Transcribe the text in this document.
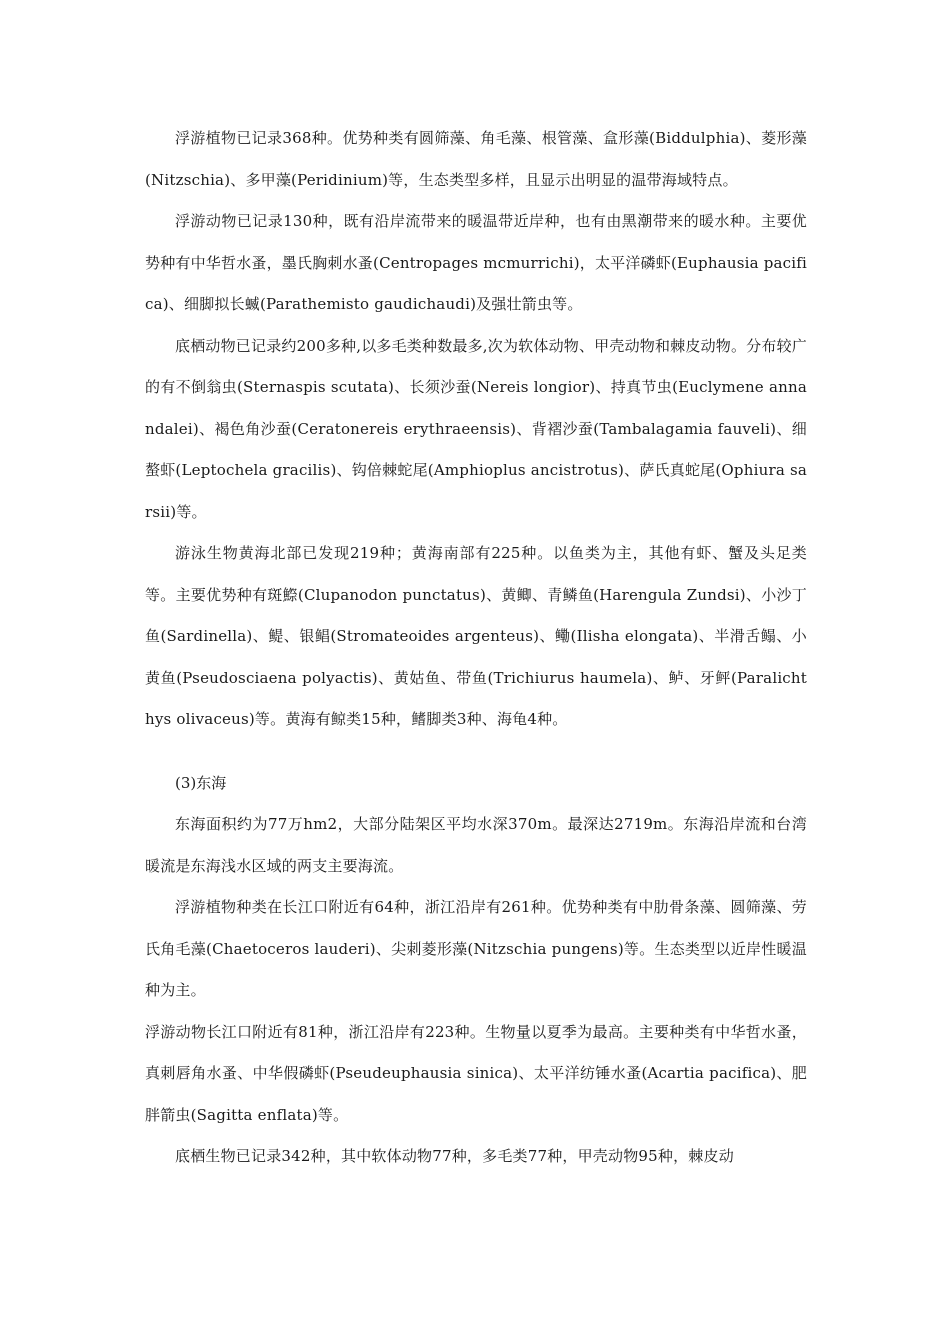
浮游植物已记录368种。优势种类有圆筛藻、角毛藻、根管藻、盒形藻(Biddulphia)、菱形藻(Nitzschia)、多甲藻(Peridinium)等，生态类型多样，且显示出明显的温带海域特点。

浮游动物已记录130种，既有沿岸流带来的暖温带近岸种，也有由黑潮带来的暖水种。主要优势种有中华哲水蚤，墨氏胸刺水蚤(Centropages mcmurrichi)，太平洋磷虾(Euphausia pacifica)、细脚拟长蝛(Parathemisto gaudichaudi)及强壮箭虫等。

底栖动物已记录约200多种,以多毛类种数最多,次为软体动物、甲壳动物和棘皮动物。分布较广的有不倒翁虫(Sternaspis scutata)、长须沙蚕(Nereis longior)、持真节虫(Euclymene annandalei)、褐色角沙蚕(Ceratonereis erythraeensis)、背褶沙蚕(Tambalagamia fauveli)、细螯虾(Leptochela gracilis)、钩倍棘蛇尾(Amphioplus ancistrotus)、萨氏真蛇尾(Ophiura sarsii)等。

游泳生物黄海北部已发现219种；黄海南部有225种。以鱼类为主，其他有虾、蟹及头足类等。主要优势种有斑鰶(Clupanodon punctatus)、黄鲫、青鳞鱼(Harengula Zundsi)、小沙丁鱼(Sardinella)、鳀、银鲳(Stromateoides argenteus)、鳓(Ilisha elongata)、半滑舌鳎、小黄鱼(Pseudosciaena polyactis)、黄姑鱼、带鱼(Trichiurus haumela)、鲈、牙鲆(Paralichthys olivaceus)等。黄海有鲸类15种，鳍脚类3种、海龟4种。

(3)东海

东海面积约为77万hm2，大部分陆架区平均水深370m。最深达2719m。东海沿岸流和台湾暖流是东海浅水区域的两支主要海流。

浮游植物种类在长江口附近有64种，浙江沿岸有261种。优势种类有中肋骨条藻、圆筛藻、劳氏角毛藻(Chaetoceros lauderi)、尖刺菱形藻(Nitzschia pungens)等。生态类型以近岸性暖温种为主。

浮游动物长江口附近有81种，浙江沿岸有223种。生物量以夏季为最高。主要种类有中华哲水蚤，真刺唇角水蚤、中华假磷虾(Pseudeuphausia sinica)、太平洋纺锤水蚤(Acartia pacifica)、肥胖箭虫(Sagitta enflata)等。

底栖生物已记录342种，其中软体动物77种，多毛类77种，甲壳动物95种，棘皮动
